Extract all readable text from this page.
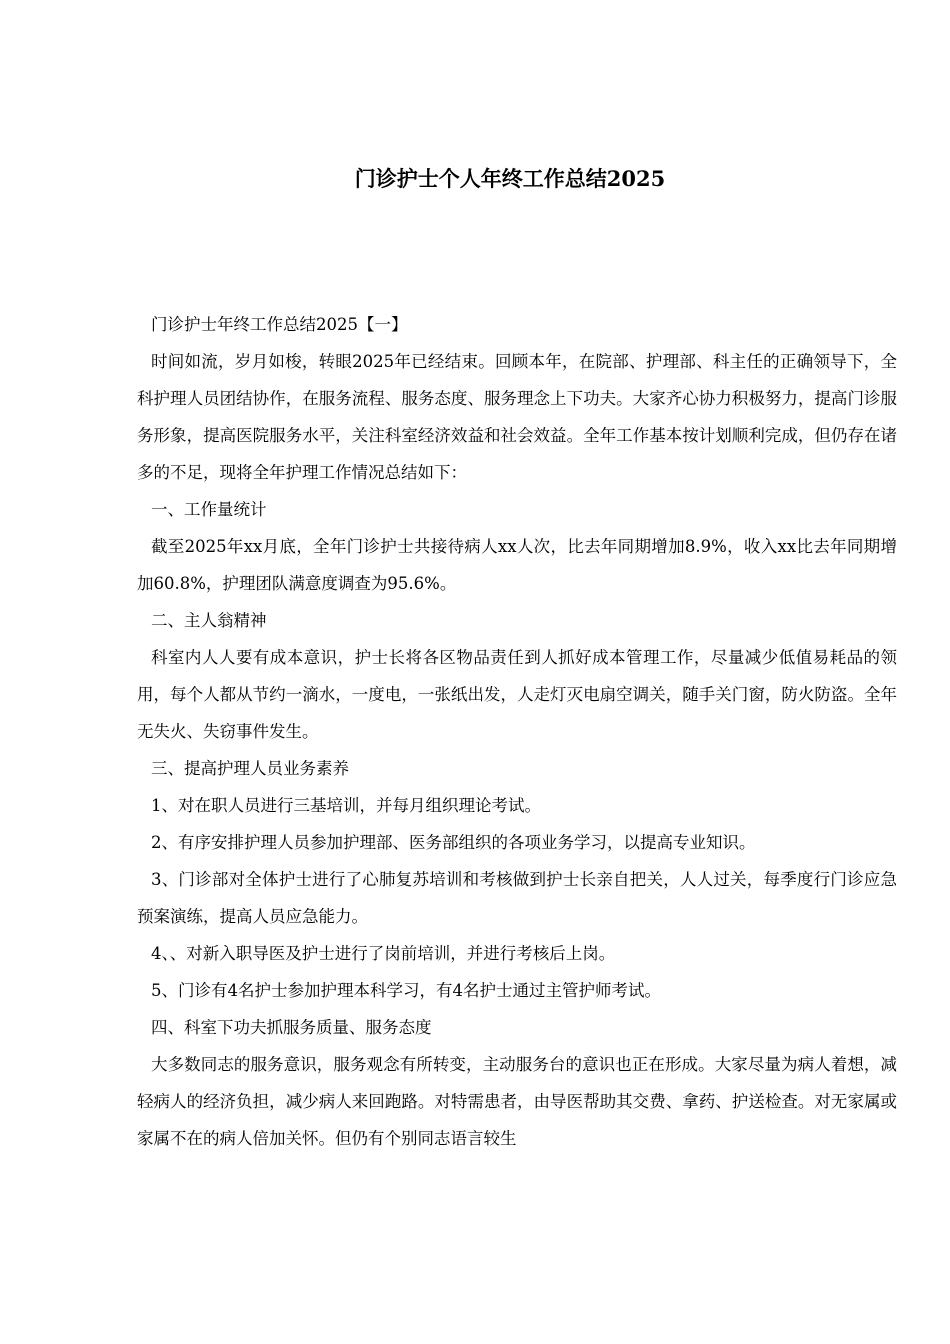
门诊护士个人年终工作总结2025

门诊护士年终工作总结2025【一】

时间如流，岁月如梭，转眼2025年已经结束。回顾本年，在院部、护理部、科主任的正确领导下，全科护理人员团结协作，在服务流程、服务态度、服务理念上下功夫。大家齐心协力积极努力，提高门诊服务形象，提高医院服务水平，关注科室经济效益和社会效益。全年工作基本按计划顺利完成，但仍存在诸多的不足，现将全年护理工作情况总结如下：

一、工作量统计

截至2025年xx月底，全年门诊护士共接待病人xx人次，比去年同期增加8.9%，收入xx比去年同期增加60.8%，护理团队满意度调查为95.6%。

二、主人翁精神

科室内人人要有成本意识，护士长将各区物品责任到人抓好成本管理工作，尽量减少低值易耗品的领用，每个人都从节约一滴水，一度电，一张纸出发，人走灯灭电扇空调关，随手关门窗，防火防盗。全年无失火、失窃事件发生。

三、提高护理人员业务素养

1、对在职人员进行三基培训，并每月组织理论考试。

2、有序安排护理人员参加护理部、医务部组织的各项业务学习，以提高专业知识。

3、门诊部对全体护士进行了心肺复苏培训和考核做到护士长亲自把关，人人过关，每季度行门诊应急预案演练，提高人员应急能力。

4、、对新入职导医及护士进行了岗前培训，并进行考核后上岗。

5、门诊有4名护士参加护理本科学习，有4名护士通过主管护师考试。

四、科室下功夫抓服务质量、服务态度

大多数同志的服务意识，服务观念有所转变，主动服务台的意识也正在形成。大家尽量为病人着想，减轻病人的经济负担，减少病人来回跑路。对特需患者，由导医帮助其交费、拿药、护送检查。对无家属或家属不在的病人倍加关怀。但仍有个别同志语言较生
